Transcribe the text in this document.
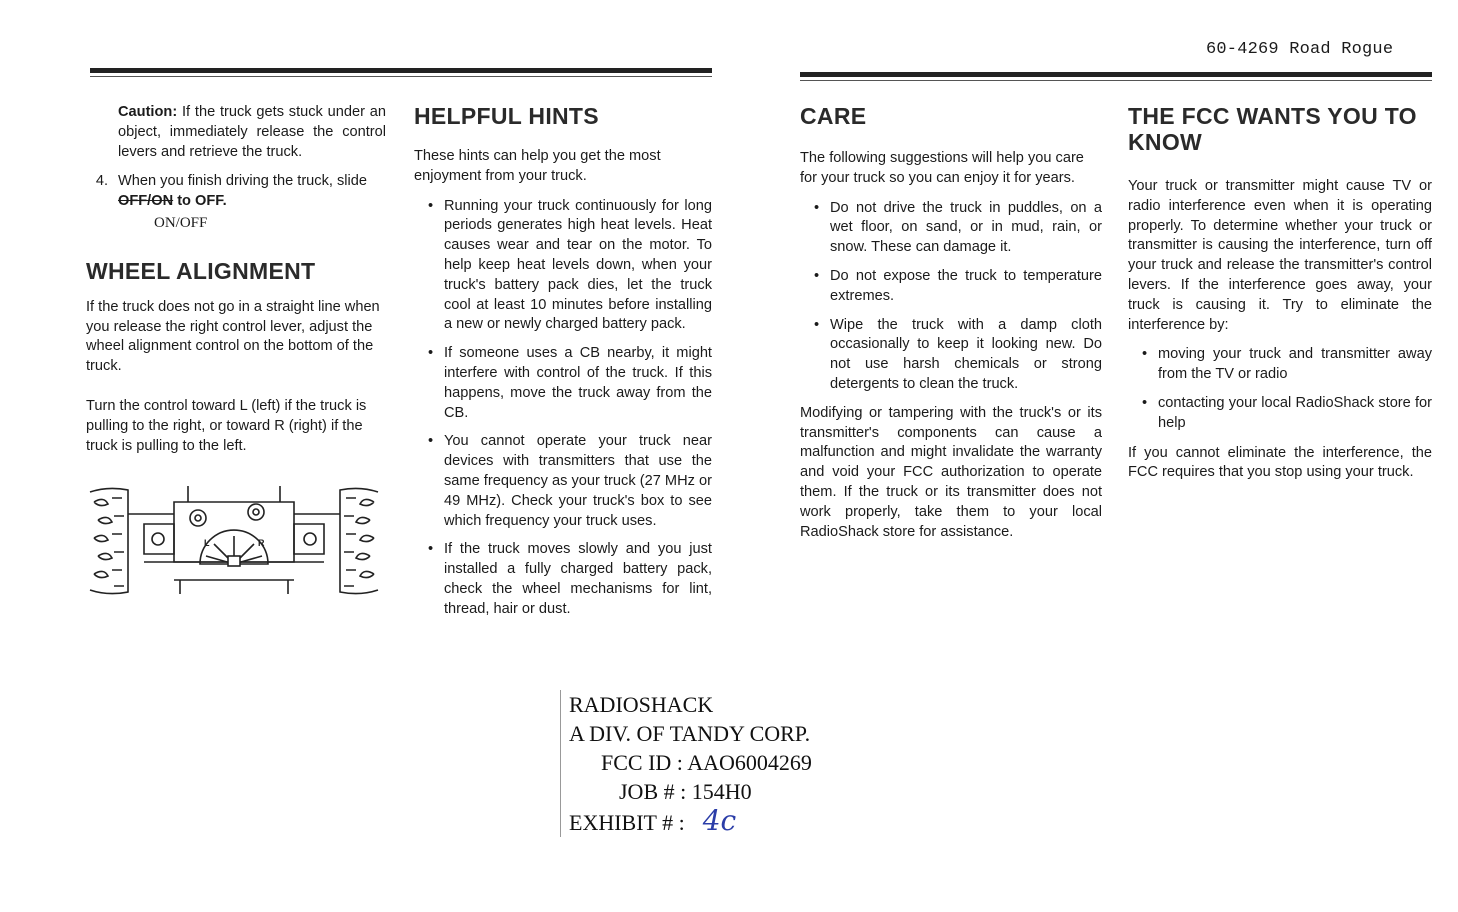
60-4269 Road Rogue

Caution: If the truck gets stuck under an object, immediately release the control levers and retrieve the truck.

4. When you finish driving the truck, slide OFF/ON to OFF.
ON/OFF
WHEEL ALIGNMENT

If the truck does not go in a straight line when you release the right control lever, adjust the wheel alignment control on the bottom of the truck.

Turn the control toward L (left) if the truck is pulling to the right, or toward R (right) if the truck is pulling to the left.

L	R
HELPFUL HINTS

These hints can help you get the most enjoyment from your truck.

• Running your truck continuously for long periods generates high heat levels. Heat causes wear and tear on the motor. To help keep heat levels down, when your truck's battery pack dies, let the truck cool at least 10 minutes before installing a new or newly charged battery pack.
• If someone uses a CB nearby, it might interfere with control of the truck. If this happens, move the truck away from the CB.
• You cannot operate your truck near devices with transmitters that use the same frequency as your truck (27 MHz or 49 MHz). Check your truck's box to see which frequency your truck uses.
• If the truck moves slowly and you just installed a fully charged battery pack, check the wheel mechanisms for lint, thread, hair or dust.
CARE

The following suggestions will help you care for your truck so you can enjoy it for years.

• Do not drive the truck in puddles, on a wet floor, on sand, or in mud, rain, or snow. These can damage it.
• Do not expose the truck to temperature extremes.
• Wipe the truck with a damp cloth occasionally to keep it looking new. Do not use harsh chemicals or strong detergents to clean the truck.

Modifying or tampering with the truck's or its transmitter's components can cause a malfunction and might invalidate the warranty and void your FCC authorization to operate them. If the truck or its transmitter does not work properly, take them to your local RadioShack store for assistance.

THE FCC WANTS YOU TO KNOW

Your truck or transmitter might cause TV or radio interference even when it is operating properly. To determine whether your truck or transmitter is causing the interference, turn off your truck and release the transmitter's control levers. If the interference goes away, your truck is causing it. Try to eliminate the interference by:

• moving your truck and transmitter away from the TV or radio
• contacting your local RadioShack store for help

If you cannot eliminate the interference, the FCC requires that you stop using your truck.

RADIOSHACK
A DIV. OF TANDY CORP.
FCC ID : AAO6004269
JOB # : 154H0
EXHIBIT # : 4c
